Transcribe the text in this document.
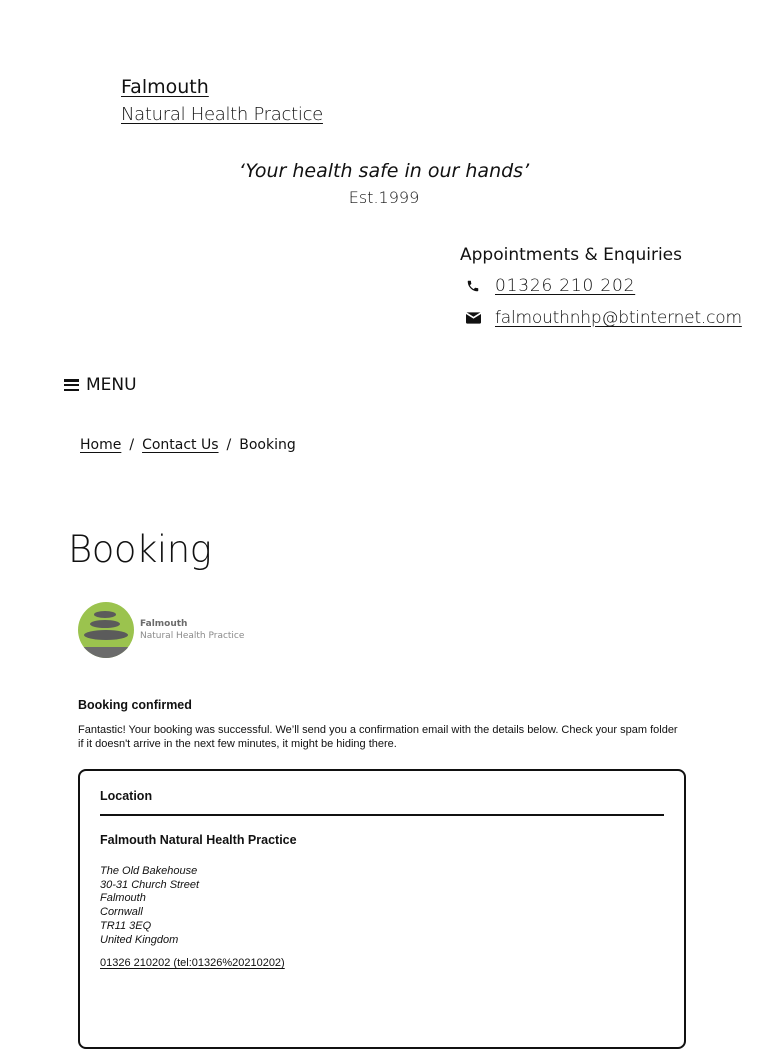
Falmouth
Natural Health Practice
‘Your health safe in our hands’
Est.1999
Appointments & Enquiries
01326 210 202
falmouthnhp@btinternet.com
MENU
Home / Contact Us / Booking
Booking
Falmouth
Natural Health Practice
Booking confirmed
Fantastic! Your booking was successful. We’ll send you a confirmation email with the details below. Check your spam folder if it doesn't arrive in the next few minutes, it might be hiding there.
Location
Falmouth Natural Health Practice
The Old Bakehouse
30-31 Church Street
Falmouth
Cornwall
TR11 3EQ
United Kingdom
01326 210202 (tel:01326%20210202)
